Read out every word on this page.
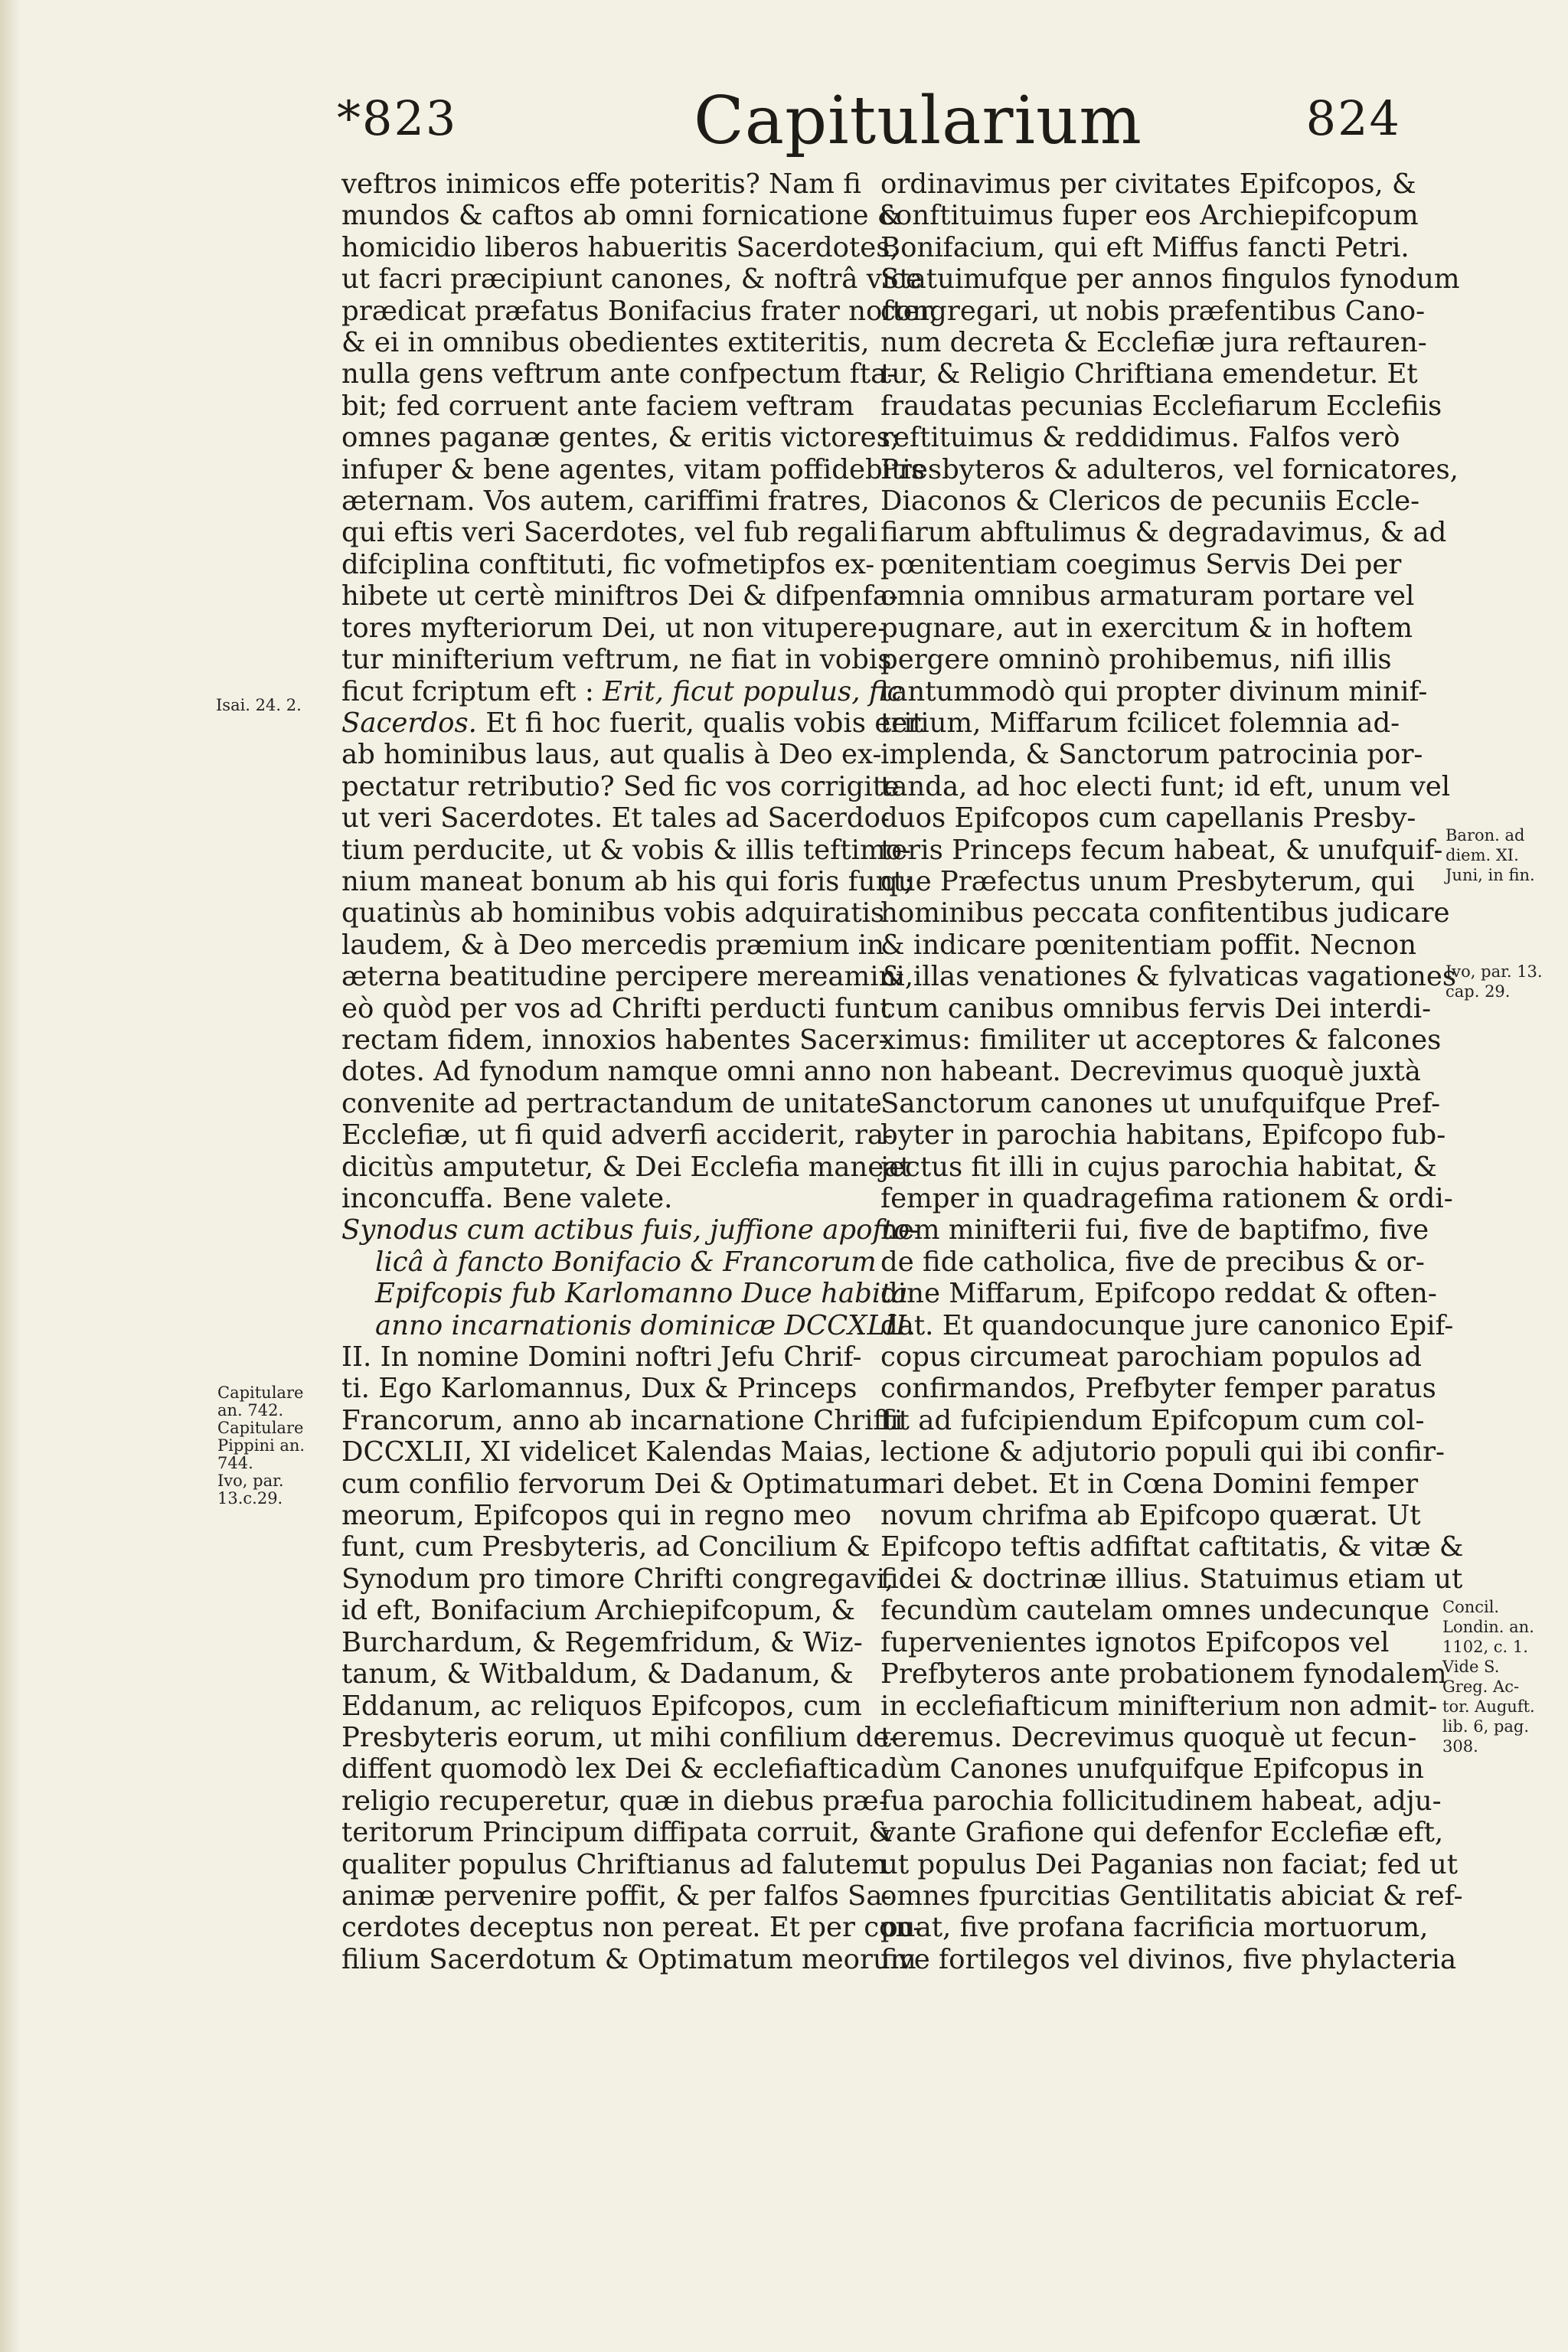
*823	Capitularium	824
Isai. 24. 2.
Capitulare
an. 742.
Capitulare
Pippini an.
744.
Ivo, par.
13.c.29.
Baron. ad
diem. XI.
Juni, in fin.
Ivo, par. 13.
cap. 29.
Concil.
Londin. an.
1102, c. 1.
Vide S.
Greg. Ac-
tor. Auguft.
lib. 6, pag.
308.
veftros inimicos effe poteritis? Nam fi
mundos & caftos ab omni fornicatione &
homicidio liberos habueritis Sacerdotes,
ut facri præcipiunt canones, & noftrâ vice
prædicat præfatus Bonifacius frater nofter,
& ei in omnibus obedientes extiteritis,
nulla gens veftrum ante confpectum fta-
bit; fed corruent ante faciem veftram
omnes paganæ gentes, & eritis victores;
infuper & bene agentes, vitam poffidebitis
æternam. Vos autem, cariffimi fratres,
qui eftis veri Sacerdotes, vel fub regali
difciplina conftituti, fic vofmetipfos ex-
hibete ut certè miniftros Dei & difpenfa-
tores myfteriorum Dei, ut non vitupere-
tur minifterium veftrum, ne fiat in vobis
ficut fcriptum eft : Erit, ficut populus, fic
Sacerdos. Et fi hoc fuerit, qualis vobis erit
ab hominibus laus, aut qualis à Deo ex-
pectatur retributio? Sed fic vos corrigite
ut veri Sacerdotes. Et tales ad Sacerdo-
tium perducite, ut & vobis & illis teftimo-
nium maneat bonum ab his qui foris funt;
quatinùs ab hominibus vobis adquiratis
laudem, & à Deo mercedis præmium in
æterna beatitudine percipere mereamini,
eò quòd per vos ad Chrifti perducti funt
rectam fidem, innoxios habentes Sacer-
dotes. Ad fynodum namque omni anno
convenite ad pertractandum de unitate
Ecclefiæ, ut fi quid adverfi acciderit, ra-
dicitùs amputetur, & Dei Ecclefia maneat
inconcuffa. Bene valete.
Synodus cum actibus fuis, juffione apoftо-
licâ à fancto Bonifacio & Francorum
Epifcopis fub Karlomanno Duce habita
anno incarnationis dominicæ DCCXLII.
II. In nomine Domini noftri Jefu Chrif-
ti. Ego Karlomannus, Dux & Princeps
Francorum, anno ab incarnatione Chrifti
DCCXLII, XI videlicet Kalendas Maias,
cum confilio fervorum Dei & Optimatum
meorum, Epifcopos qui in regno meo
funt, cum Presbyteris, ad Concilium &
Synodum pro timore Chrifti congregavi,
id eft, Bonifacium Archiepifcopum, &
Burchardum, & Regemfridum, & Wiz-
tanum, & Witbaldum, & Dadanum, &
Eddanum, ac reliquos Epifcopos, cum
Presbyteris eorum, ut mihi confilium de-
diffent quomodò lex Dei & ecclefiaftica
religio recuperetur, quæ in diebus præ-
teritorum Principum diffipata corruit, &
qualiter populus Chriftianus ad falutem
animæ pervenire poffit, & per falfos Sa-
cerdotes deceptus non pereat. Et per con-
filium Sacerdotum & Optimatum meorum
ordinavimus per civitates Epifcopos, &
conftituimus fuper eos Archiepifcopum
Bonifacium, qui eft Miffus fancti Petri.
Statuimufque per annos fingulos fynodum
congregari, ut nobis præfentibus Cano-
num decreta & Ecclefiæ jura reftauren-
tur, & Religio Chriftiana emendetur. Et
fraudatas pecunias Ecclefiarum Ecclefiis
reftituimus & reddidimus. Falfos verò
Presbyteros & adulteros, vel fornicatores,
Diaconos & Clericos de pecuniis Eccle-
fiarum abftulimus & degradavimus, & ad
pœnitentiam coegimus Servis Dei per
omnia omnibus armaturam portare vel
pugnare, aut in exercitum & in hoftem
pergere omninò prohibemus, nifi illis
tantummodò qui propter divinum minif-
terium, Miffarum fcilicet folemnia ad-
implenda, & Sanctorum patrocinia por-
tanda, ad hoc electi funt; id eft, unum vel
duos Epifcopos cum capellanis Presby-
teris Princeps fecum habeat, & unufquif-
que Præfectus unum Presbyterum, qui
hominibus peccata confitentibus judicare
& indicare pœnitentiam poffit. Necnon
& illas venationes & fylvaticas vagationes
cum canibus omnibus fervis Dei interdi-
ximus: fimiliter ut acceptores & falcones
non habeant. Decrevimus quoquè juxtà
Sanctorum canones ut unufquifque Pref-
byter in parochia habitans, Epifcopo fub-
jectus fit illi in cujus parochia habitat, &
femper in quadragefima rationem & ordi-
nem minifterii fui, five de baptifmo, five
de fide catholica, five de precibus & or-
dine Miffarum, Epifcopo reddat & often-
dat. Et quandocunque jure canonico Epif-
copus circumeat parochiam populos ad
confirmandos, Prefbyter femper paratus
fit ad fufcipiendum Epifcopum cum col-
lectione & adjutorio populi qui ibi confir-
mari debet. Et in Cœna Domini femper
novum chrifma ab Epifcopo quærat. Ut
Epifcopo teftis adfiftat caftitatis, & vitæ &
fidei & doctrinæ illius. Statuimus etiam ut
fecundùm cautelam omnes undecunque
fupervenientes ignotos Epifcopos vel
Prefbyteros ante probationem fynodalem
in ecclefiafticum minifterium non admit-
teremus. Decrevimus quoquè ut fecun-
dùm Canones unufquifque Epifcopus in
fua parochia follicitudinem habeat, adju-
vante Grafione qui defenfor Ecclefiæ eft,
ut populus Dei Paganias non faciat; fed ut
omnes fpurcitias Gentilitatis abiciat & ref-
puat, five profana facrificia mortuorum,
five fortilegos vel divinos, five phylacteria
